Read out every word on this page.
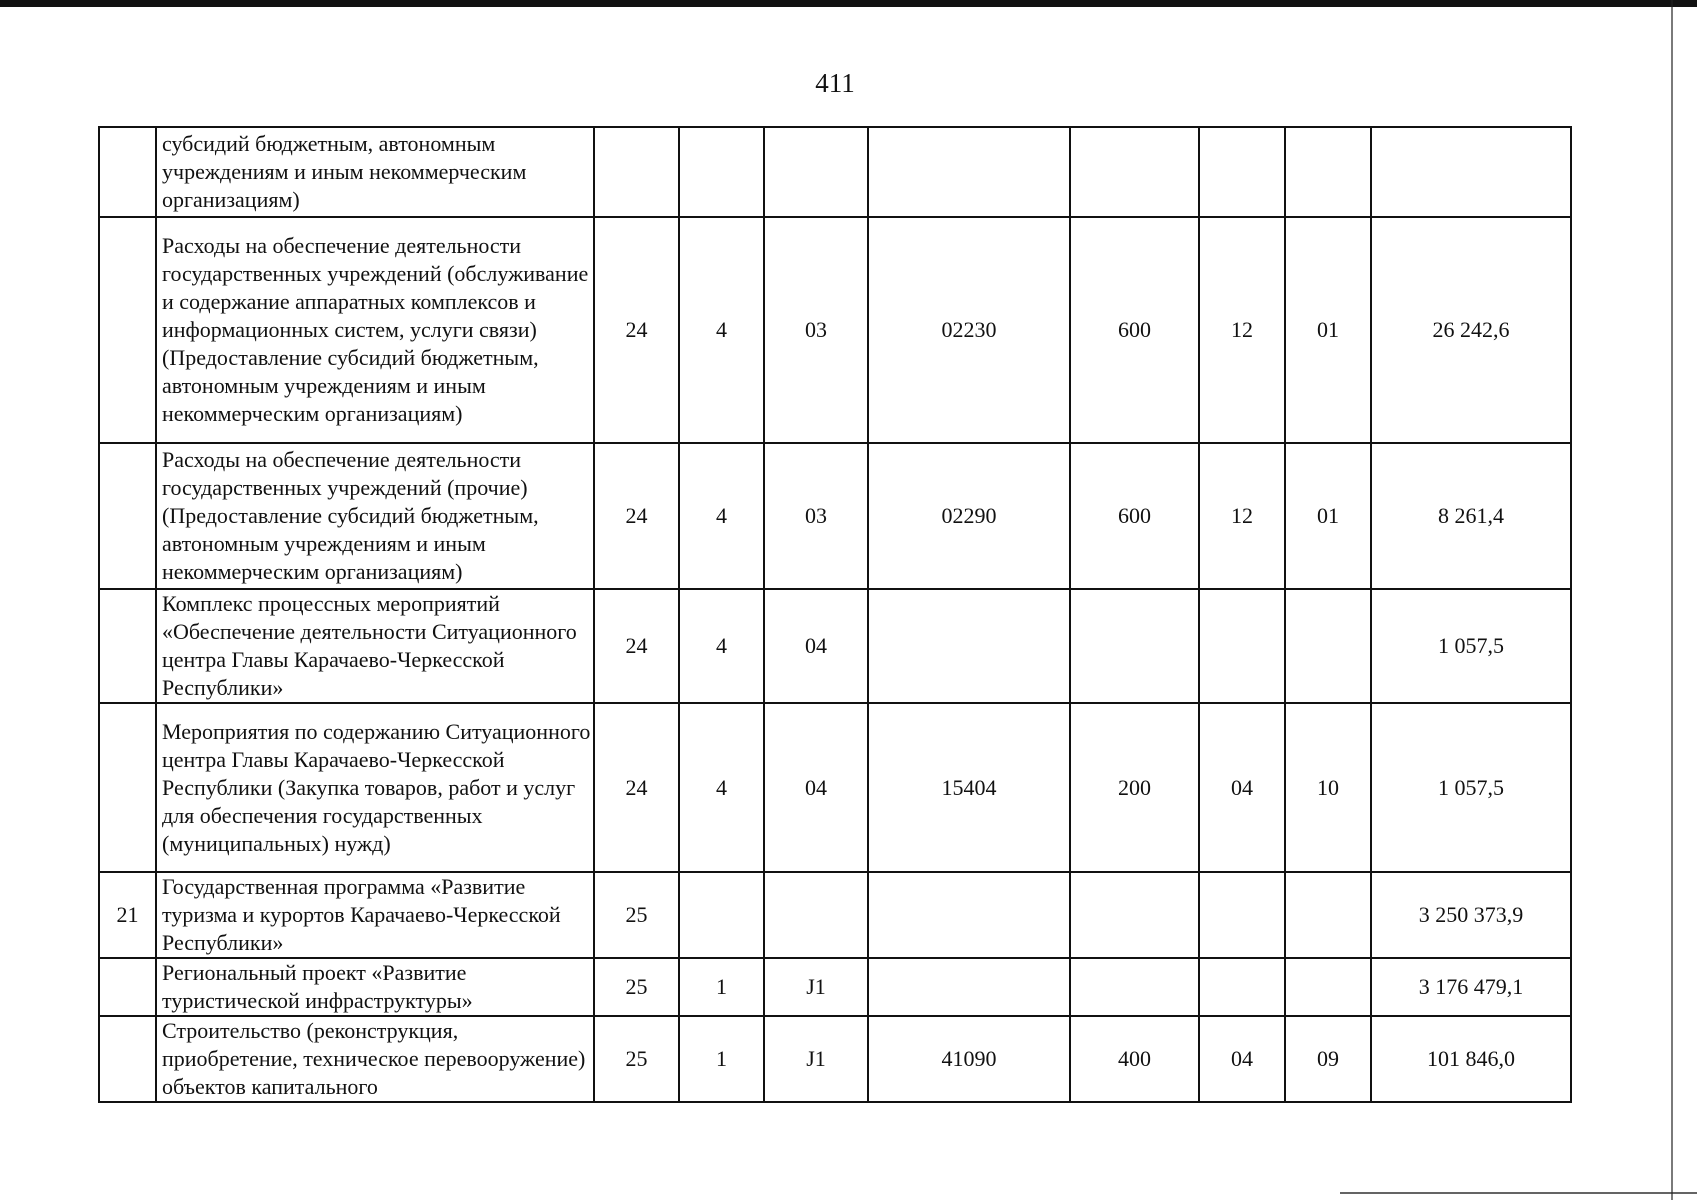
411
	субсидий бюджетным, автономным учреждениям и иным некоммерческим организациям)								
	Расходы на обеспечение деятельности государственных учреждений (обслуживание и содержание аппаратных комплексов и информационных систем, услуги связи) (Предоставление субсидий бюджетным, автономным учреждениям и иным некоммерческим организациям)	24	4	03	02230	600	12	01	26 242,6
	Расходы на обеспечение деятельности государственных учреждений (прочие) (Предоставление субсидий бюджетным, автономным учреждениям и иным некоммерческим организациям)	24	4	03	02290	600	12	01	8 261,4
	Комплекс процессных мероприятий «Обеспечение деятельности Ситуационного центра Главы Карачаево-Черкесской Республики»	24	4	04					1 057,5
	Мероприятия по содержанию Ситуационного центра Главы Карачаево-Черкесской Республики (Закупка товаров, работ и услуг для обеспечения государственных (муниципальных) нужд)	24	4	04	15404	200	04	10	1 057,5
21	Государственная программа «Развитие туризма и курортов Карачаево-Черкесской Республики»	25							3 250 373,9
	Региональный проект «Развитие туристической инфраструктуры»	25	1	J1					3 176 479,1
	Строительство (реконструкция, приобретение, техническое перевооружение) объектов капитального	25	1	J1	41090	400	04	09	101 846,0
